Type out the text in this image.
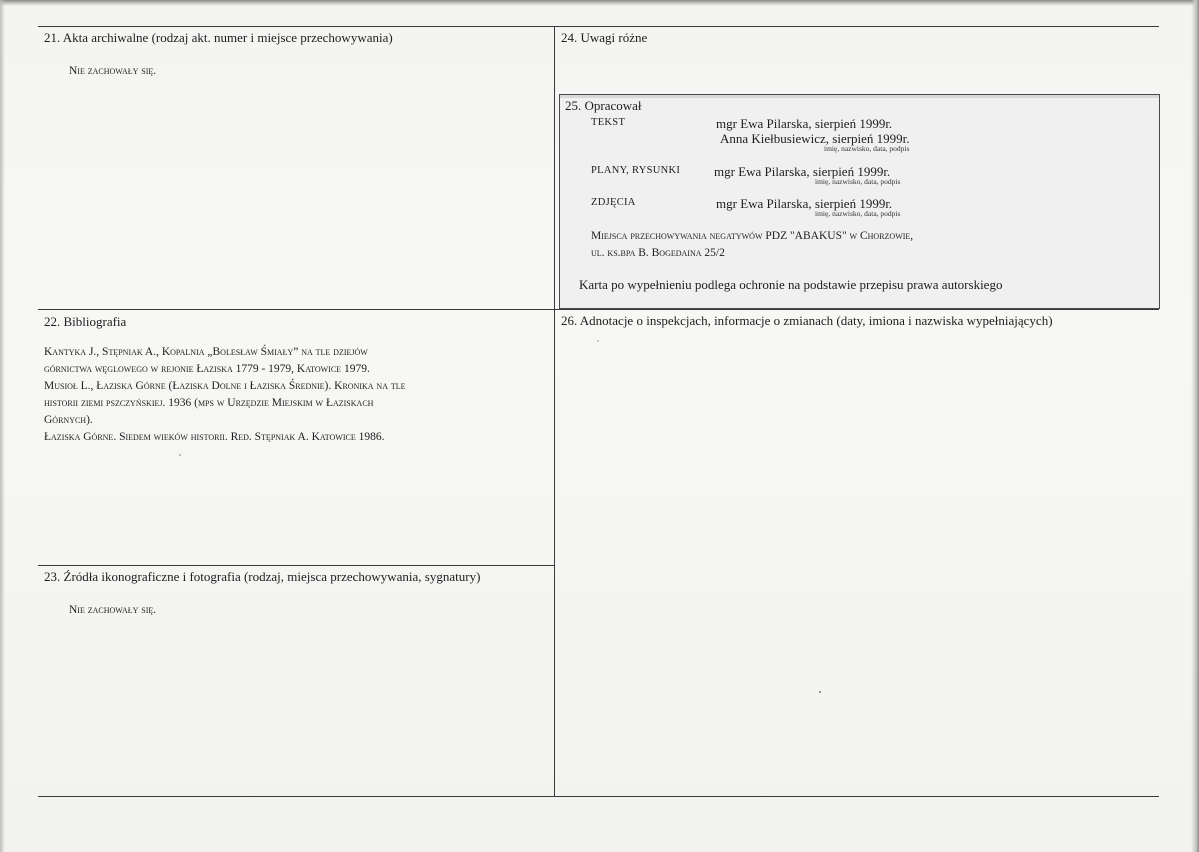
21. Akta archiwalne (rodzaj akt. numer i miejsce przechowywania)
Nie zachowały się.
22. Bibliografia
Kantyka J., Stępniak A., Kopalnia „Bolesław Śmiały” na tle dziejów
górnictwa węglowego w rejonie Łaziska 1779 - 1979, Katowice 1979.
Musioł L., Łaziska Górne (Łaziska Dolne i Łaziska Średnie). Kronika na tle
historii ziemi pszczyńskiej. 1936 (mps w Urzędzie Miejskim w Łaziskach
Górnych).
Łaziska Górne. Siedem wieków historii. Red. Stępniak A. Katowice 1986.
23. Źródła ikonograficzne i fotografia (rodzaj, miejsca przechowywania, sygnatury)
Nie zachowały się.
24. Uwagi różne
25. Opracował
TEKST	mgr Ewa Pilarska, sierpień 1999r.
Anna Kiełbusiewicz, sierpień 1999r.
imię, nazwisko, data, podpis
PLANY, RYSUNKI	mgr Ewa Pilarska, sierpień 1999r.
imię, nazwisko, data, podpis
ZDJĘCIA	mgr Ewa Pilarska, sierpień 1999r.
imię, nazwisko, data, podpis
Miejsca przechowywania negatywów PDZ "ABAKUS" w Chorzowie,
ul. ks.bpa B. Bogedaina 25/2
Karta po wypełnieniu podlega ochronie na podstawie przepisu prawa autorskiego
26. Adnotacje o inspekcjach, informacje o zmianach (daty, imiona i nazwiska wypełniających)
